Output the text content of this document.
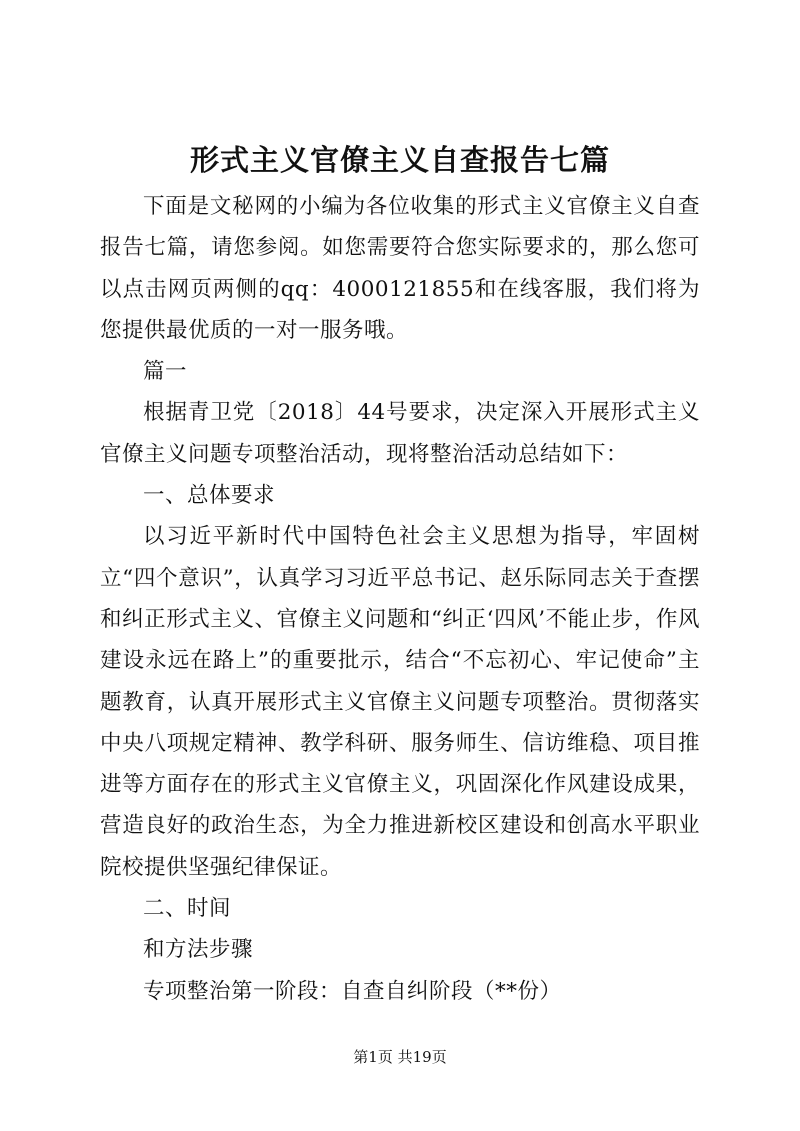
形式主义官僚主义自查报告七篇

下面是文秘网的小编为各位收集的形式主义官僚主义自查报告七篇，请您参阅。如您需要符合您实际要求的，那么您可以点击网页两侧的qq：4000121855和在线客服，我们将为您提供最优质的一对一服务哦。

篇一

根据青卫党〔2018〕44号要求，决定深入开展形式主义官僚主义问题专项整治活动，现将整治活动总结如下：

一、总体要求

以习近平新时代中国特色社会主义思想为指导，牢固树立“四个意识”，认真学习习近平总书记、赵乐际同志关于查摆和纠正形式主义、官僚主义问题和“纠正‘四风’不能止步，作风建设永远在路上”的重要批示，结合“不忘初心、牢记使命”主题教育，认真开展形式主义官僚主义问题专项整治。贯彻落实中央八项规定精神、教学科研、服务师生、信访维稳、项目推进等方面存在的形式主义官僚主义，巩固深化作风建设成果，营造良好的政治生态，为全力推进新校区建设和创高水平职业院校提供坚强纪律保证。

二、时间

和方法步骤

专项整治第一阶段：自查自纠阶段（**份）

第1页 共19页
